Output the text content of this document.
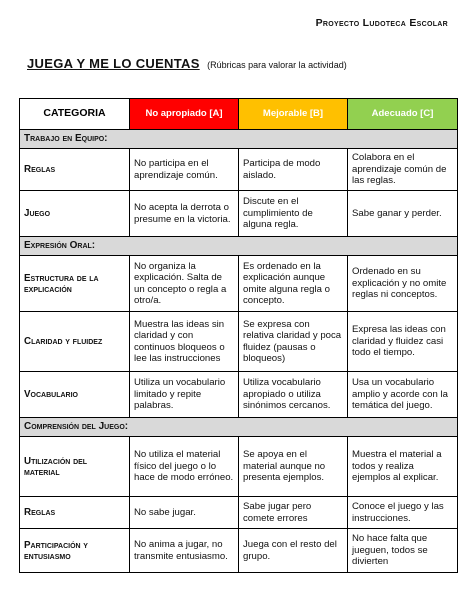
Proyecto Ludoteca Escolar
JUEGA Y ME LO CUENTAS (Rúbricas para valorar la actividad)
CATEGORIA	No apropiado [A]	Mejorable [B]	Adecuado [C]
Trabajo en Equipo:			
Reglas	No participa en el aprendizaje común.	Participa de modo aislado.	Colabora en el aprendizaje común de las reglas.
Juego	No acepta la derrota o presume en la victoria.	Discute en el cumplimiento de alguna regla.	Sabe ganar y perder.
Expresión Oral:			
Estructura de la explicación	No organiza la explicación. Salta de un concepto o regla a otro/a.	Es ordenado en la explicación aunque omite alguna regla o concepto.	Ordenado en su explicación y no omite reglas ni conceptos.
Claridad y fluidez	Muestra las ideas sin claridad y con continuos bloqueos o lee las instrucciones	Se expresa con relativa claridad y poca fluidez (pausas o bloqueos)	Expresa las ideas con claridad y fluidez casi todo el tiempo.
Vocabulario	Utiliza un vocabulario limitado y repite palabras.	Utiliza vocabulario apropiado o utiliza sinónimos cercanos.	Usa un vocabulario amplio y acorde con la temática del juego.
Comprensión del Juego:			
Utilización del material	No utiliza el material físico del juego o lo hace de modo erróneo.	Se apoya en el material aunque no presenta ejemplos.	Muestra el material a todos y realiza ejemplos al explicar.
Reglas	No sabe jugar.	Sabe jugar pero comete errores	Conoce el juego y las instrucciones.
Participación y entusiasmo	No anima a jugar, no transmite entusiasmo.	Juega con el resto del grupo.	No hace falta que jueguen, todos se divierten
